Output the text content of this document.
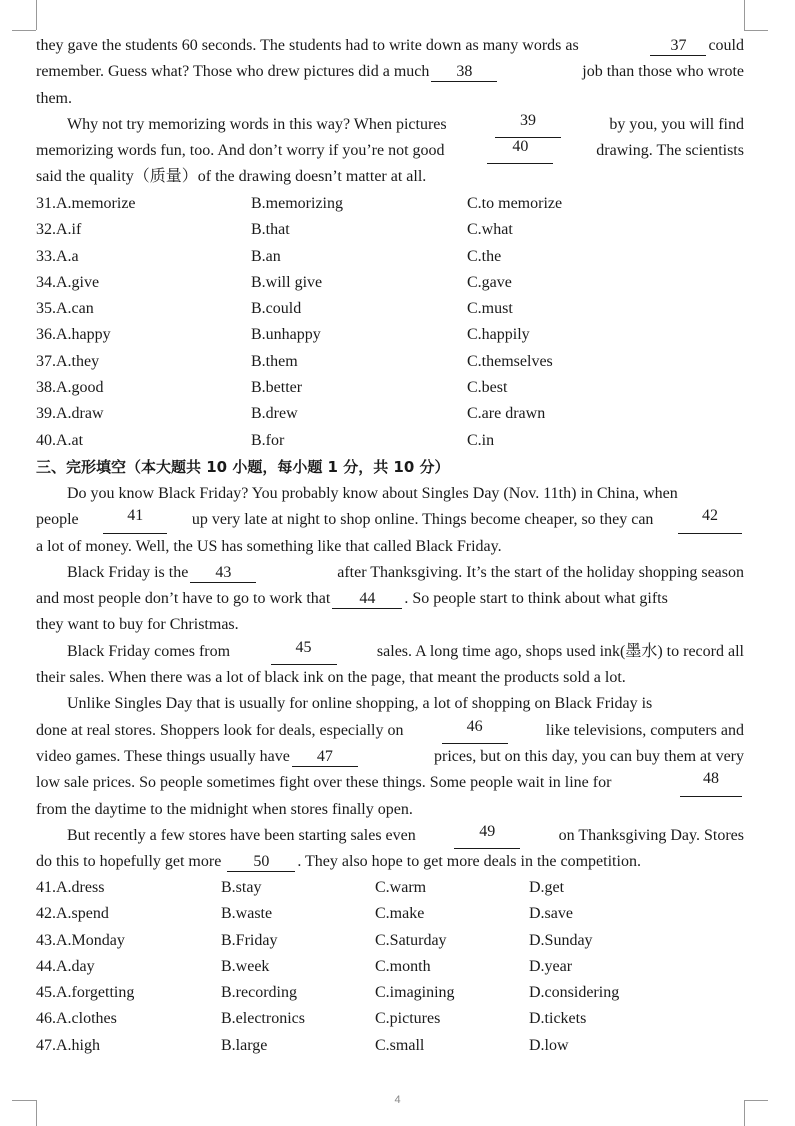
they gave the students 60 seconds. The students had to write down as many words as	37 could
remember. Guess what? Those who drew pictures did a much 38	job than those who wrote
them.
Why not try memorizing words in this way? When pictures	39	by you, you will find
memorizing words fun, too. And don’t worry if you’re not good	40	drawing. The scientists
said the quality（质量）of the drawing doesn’t matter at all.
31.A.memorize	B.memorizing	C.to memorize
32.A.if	B.that	C.what
33.A.a	B.an	C.the
34.A.give	B.will give	C.gave
35.A.can	B.could	C.must
36.A.happy	B.unhappy	C.happily
37.A.they	B.them	C.themselves
38.A.good	B.better	C.best
39.A.draw	B.drew	C.are drawn
40.A.at	B.for	C.in
三、完形填空（本大题共 10 小题，每小题 1 分，共 10 分）
Do you know Black Friday? You probably know about Singles Day (Nov. 11th) in China, when
people	41	up very late at night to shop online. Things become cheaper, so they can	42
a lot of money. Well, the US has something like that called Black Friday.
Black Friday is the 43	after Thanksgiving. It’s the start of the holiday shopping season
and most people don’t have to go to work that 44 . So people start to think about what gifts
they want to buy for Christmas.
Black Friday comes from	45	sales. A long time ago, shops used ink(墨水) to record all
their sales. When there was a lot of black ink on the page, that meant the products sold a lot.
Unlike Singles Day that is usually for online shopping, a lot of shopping on Black Friday is
done at real stores. Shoppers look for deals, especially on	46	like televisions, computers and
video games. These things usually have 47	prices, but on this day, you can buy them at very
low sale prices. So people sometimes fight over these things. Some people wait in line for	48
from the daytime to the midnight when stores finally open.
But recently a few stores have been starting sales even	49	on Thanksgiving Day. Stores
do this to hopefully get more 50 . They also hope to get more deals in the competition.
41.A.dress	B.stay	C.warm	D.get
42.A.spend	B.waste	C.make	D.save
43.A.Monday	B.Friday	C.Saturday	D.Sunday
44.A.day	B.week	C.month	D.year
45.A.forgetting	B.recording	C.imagining	D.considering
46.A.clothes	B.electronics	C.pictures	D.tickets
47.A.high	B.large	C.small	D.low
4
